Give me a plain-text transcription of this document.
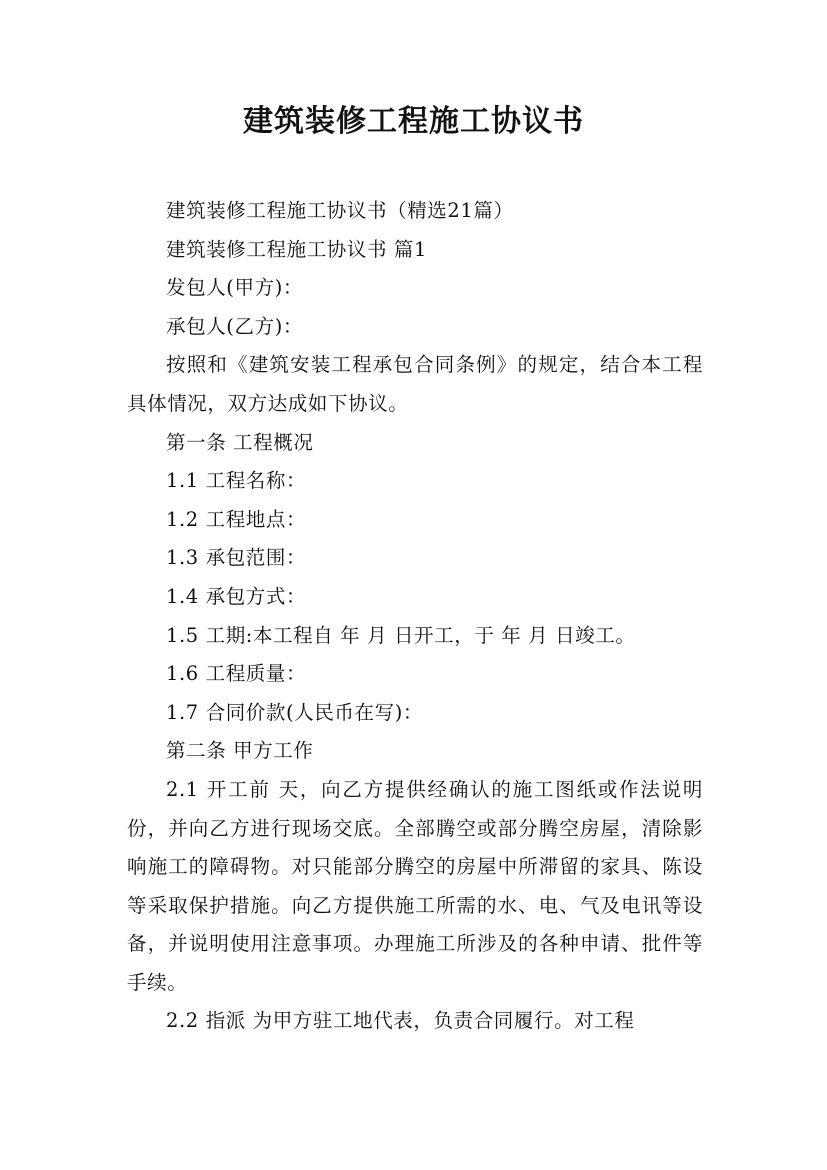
建筑装修工程施工协议书

建筑装修工程施工协议书（精选21篇）

建筑装修工程施工协议书 篇1

发包人(甲方)：

承包人(乙方)：

按照和《建筑安装工程承包合同条例》的规定，结合本工程具体情况，双方达成如下协议。

第一条 工程概况

1.1 工程名称：

1.2 工程地点：

1.3 承包范围：

1.4 承包方式：

1.5 工期:本工程自 年 月 日开工，于 年 月 日竣工。

1.6 工程质量：

1.7 合同价款(人民币在写)：

第二条 甲方工作

2.1 开工前 天，向乙方提供经确认的施工图纸或作法说明 份，并向乙方进行现场交底。全部腾空或部分腾空房屋，清除影响施工的障碍物。对只能部分腾空的房屋中所滞留的家具、陈设等采取保护措施。向乙方提供施工所需的水、电、气及电讯等设备，并说明使用注意事项。办理施工所涉及的各种申请、批件等手续。

2.2 指派 为甲方驻工地代表，负责合同履行。对工程
